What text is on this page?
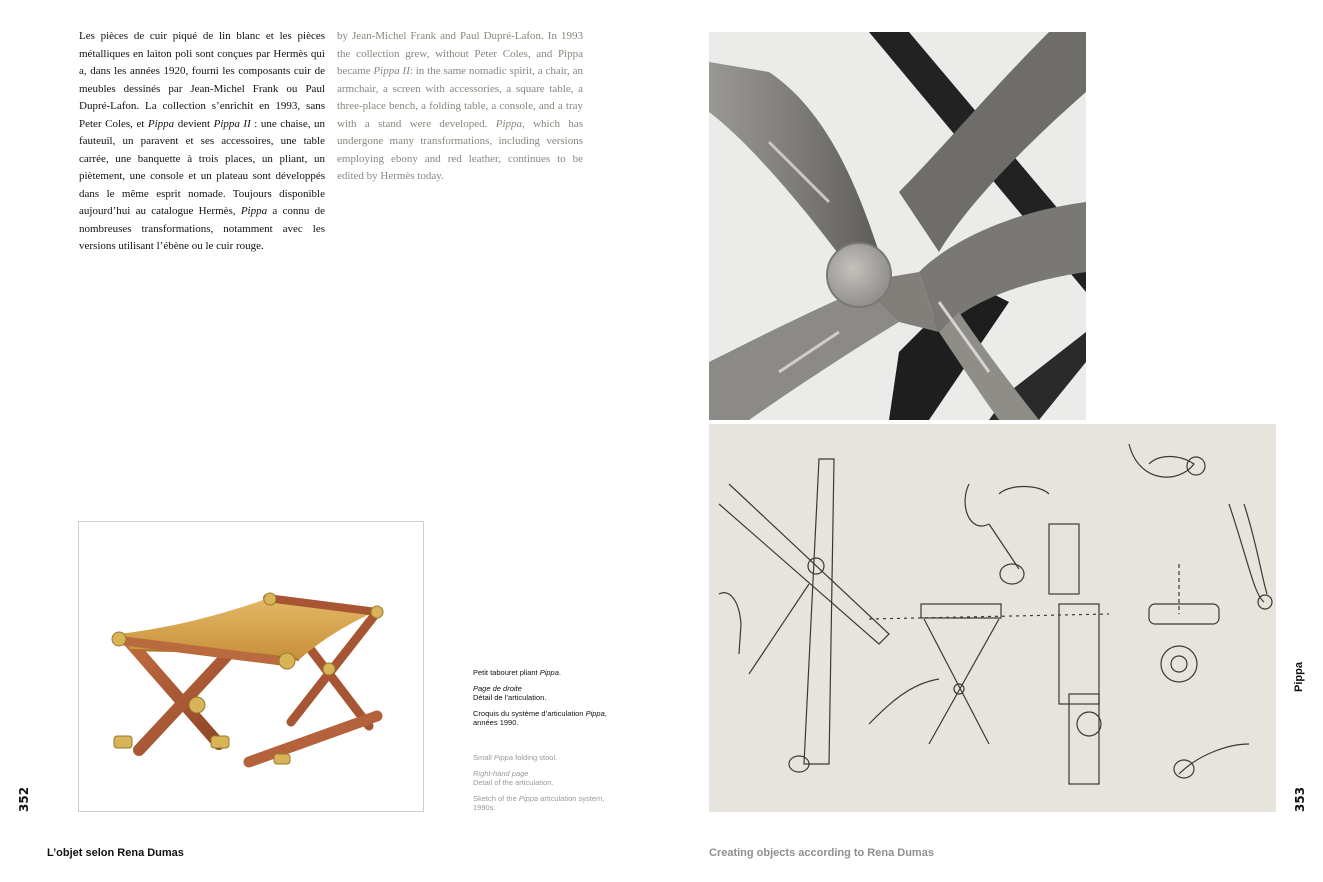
Les pièces de cuir piqué de lin blanc et les pièces métalliques en laiton poli sont conçues par Hermès qui a, dans les années 1920, fourni les composants cuir de meubles dessinés par Jean-Michel Frank ou Paul Dupré-Lafon. La collection s’enrichit en 1993, sans Peter Coles, et Pippa devient Pippa II : une chaise, un fauteuil, un paravent et ses accessoires, une table carrée, une banquette à trois places, un pliant, un piètement, une console et un plateau sont développés dans le même esprit nomade. Toujours disponible aujourd’hui au catalogue Hermès, Pippa a connu de nombreuses transformations, notamment avec les versions utilisant l’ébène ou le cuir rouge.

by Jean-Michel Frank and Paul Dupré-Lafon. In 1993 the collection grew, without Peter Coles, and Pippa became Pippa II: in the same nomadic spirit, a chair, an armchair, a screen with accessories, a square table, a three-place bench, a folding table, a console, and a tray with a stand were developed. Pippa, which has undergone many transformations, including versions employing ebony and red leather, continues to be edited by Hermès today.

Petit tabouret pliant Pippa.

Page de droite
Détail de l’articulation.

Croquis du système d’articulation Pippa, années 1990.

Small Pippa folding stool.

Right-hand page
Detail of the articulation.

Sketch of the Pippa articulation system, 1990s.

352	353
Pippa
L’objet selon Rena Dumas	Creating objects according to Rena Dumas
